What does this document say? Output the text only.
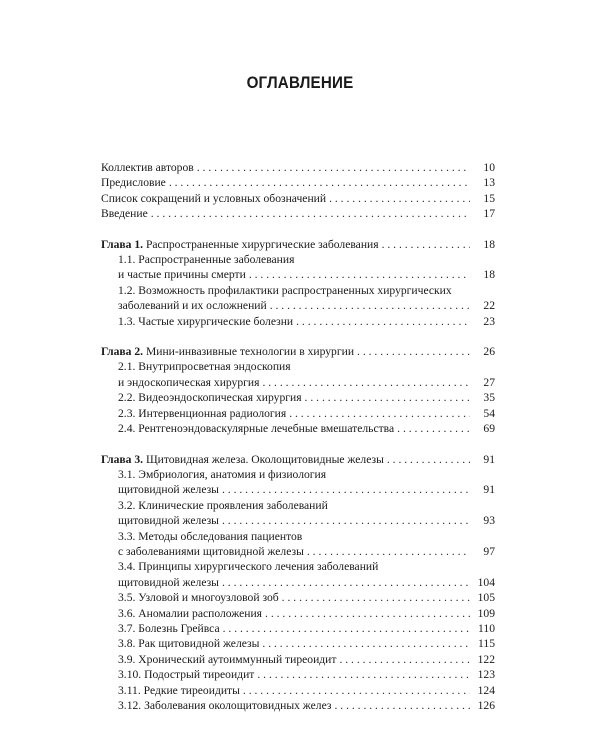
ОГЛАВЛЕНИЕ
Коллектив авторов . . .	10
Предисловие . . .	13
Список сокращений и условных обозначений . . .	15
Введение . . .	17
Глава 1. Распространенные хирургические заболевания . . .	18
1.1. Распространенные заболевания
и частые причины смерти . . .	18
1.2. Возможность профилактики распространенных хирургических
заболеваний и их осложнений . . .	22
1.3. Частые хирургические болезни . . .	23
Глава 2. Мини-инвазивные технологии в хирургии . . .	26
2.1. Внутрипросветная эндоскопия
и эндоскопическая хирургия . . .	27
2.2. Видеоэндоскопическая хирургия . . .	35
2.3. Интервенционная радиология . . .	54
2.4. Рентгеноэндоваскулярные лечебные вмешательства . . .	69
Глава 3. Щитовидная железа. Околощитовидные железы . . .	91
3.1. Эмбриология, анатомия и физиология
щитовидной железы . . .	91
3.2. Клинические проявления заболеваний
щитовидной железы . . .	93
3.3. Методы обследования пациентов
с заболеваниями щитовидной железы . . .	97
3.4. Принципы хирургического лечения заболеваний
щитовидной железы . . .	104
3.5. Узловой и многоузловой зоб . . .	105
3.6. Аномалии расположения . . .	109
3.7. Болезнь Грейвса . . .	110
3.8. Рак щитовидной железы . . .	115
3.9. Хронический аутоиммунный тиреоидит . . .	122
3.10. Подострый тиреоидит . . .	123
3.11. Редкие тиреоидиты . . .	124
3.12. Заболевания околощитовидных желез . . .	126
